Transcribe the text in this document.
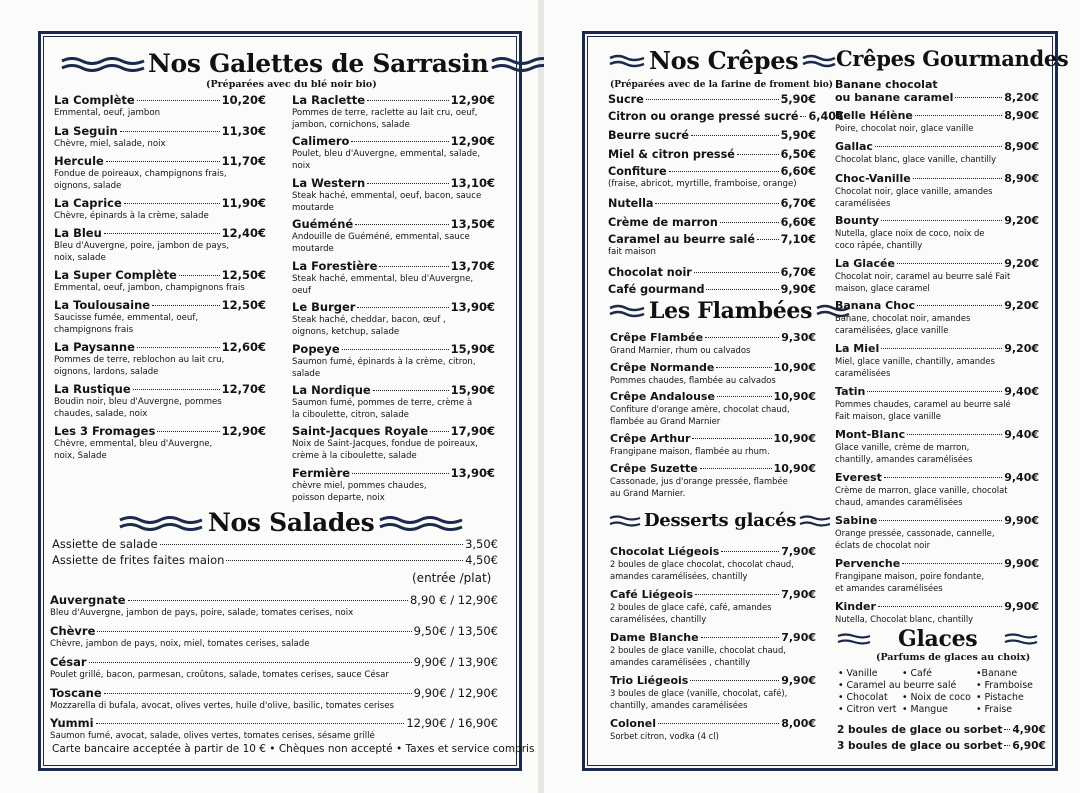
Nos Galettes de Sarrasin
(Préparées avec du blé noir bio)
La Complète	10,20€
Emmental, oeuf, jambon
La Seguin	11,30€
Chèvre, miel, salade, noix
Hercule	11,70€
Fondue de poireaux, champignons frais,
oignons, salade
La Caprice	11,90€
Chèvre, épinards à la crème, salade
La Bleu	12,40€
Bleu d'Auvergne, poire, jambon de pays,
noix, salade
La Super Complète	12,50€
Emmental, oeuf, jambon, champignons frais
La Toulousaine	12,50€
Saucisse fumée, emmental, oeuf,
champignons frais
La Paysanne	12,60€
Pommes de terre, reblochon au lait cru,
oignons, lardons, salade
La Rustique	12,70€
Boudin noir, bleu d'Auvergne, pommes
chaudes, salade, noix
Les 3 Fromages	12,90€
Chèvre, emmental, bleu d'Auvergne,
noix, Salade
La Raclette	12,90€
Pommes de terre, raclette au lait cru, oeuf,
jambon, cornichons, salade
Calimero	12,90€
Poulet, bleu d'Auvergne, emmental, salade,
noix
La Western	13,10€
Steak haché, emmental, oeuf, bacon, sauce
moutarde
Guéméné	13,50€
Andouille de Guéméné, emmental, sauce
moutarde
La Forestière	13,70€
Steak haché, emmental, bleu d'Auvergne,
oeuf
Le Burger	13,90€
Steak haché, cheddar, bacon, œuf ,
oignons, ketchup, salade
Popeye	15,90€
Saumon fumé, épinards à la crème, citron,
salade
La Nordique	15,90€
Saumon fumé, pommes de terre, crème à
la ciboulette, citron, salade
Saint-Jacques Royale 17,90€
Noix de Saint-Jacques, fondue de poireaux,
crème à la ciboulette, salade
Fermière	13,90€
chèvre miel, pommes chaudes,
poisson departe, noix
Nos Salades
Assiette de salade	3,50€
Assiette de frites faites maion	4,50€
Auvergnate	8,90 € / 12,90€
Bleu d'Auvergne, jambon de pays, poire, salade, tomates cerises, noix
Chèvre	9,50€ / 13,50€
Chèvre, jambon de pays, noix, miel, tomates cerises, salade
César	9,90€ / 13,90€
Poulet grillé, bacon, parmesan, croûtons, salade, tomates cerises, sauce César
Toscane	9,90€ / 12,90€
Mozzarella di bufala, avocat, olives vertes, huile d'olive, basilic, tomates cerises
Yummi	12,90€ / 16,90€
Saumon fumé, avocat, salade, olives vertes, tomates cerises, sésame grillé
(entrée /plat)
Carte bancaire acceptée à partir de 10 € • Chèques non accepté • Taxes et service compris
Nos Crêpes
(Préparées avec de la farine de froment bio)
Sucre	5,90€
Citron ou orange pressé sucré 6,40€
Beurre sucré	5,90€
Miel & citron pressé	6,50€
Confiture	6,60€
(fraise, abricot, myrtille, framboise, orange)
Nutella	6,70€
Crème de marron	6,60€
Caramel au beurre salé 7,10€
fait maison
Chocolat noir	6,70€
Café gourmand	9,90€
Les Flambées
Crêpe Flambée	9,30€
Grand Marnier, rhum ou calvados
Crêpe Normande	10,90€
Pommes chaudes, flambée au calvados
Crêpe Andalouse	10,90€
Confiture d'orange amère, chocolat chaud,
flambée au Grand Marnier
Crêpe Arthur	10,90€
Frangipane maison, flambée au rhum.
Crêpe Suzette	10,90€
Cassonade, jus d'orange pressée, flambée
au Grand Marnier.
Desserts glacés
Chocolat Liégeois	7,90€
2 boules de glace chocolat, chocolat chaud,
amandes caramélisées, chantilly
Café Liégeois	7,90€
2 boules de glace café, café, amandes
caramélisées, chantilly
Dame Blanche	7,90€
2 boules de glace vanille, chocolat chaud,
amandes caramélisées , chantilly
Trio Liégeois	9,90€
3 boules de glace (vanille, chocolat, café),
chantilly, amandes caramélisées
Colonel	8,00€
Sorbet citron, vodka (4 cl)
Crêpes Gourmandes
Banane chocolat
ou banane caramel	8,20€
Belle Hélène	8,90€
Poire, chocolat noir, glace vanille
Gallac	8,90€
Chocolat blanc, glace vanille, chantilly
Choc-Vanille	8,90€
Chocolat noir, glace vanille, amandes
caramélisées
Bounty	9,20€
Nutella, glace noix de coco, noix de
coco râpée, chantilly
La Glacée	9,20€
Chocolat noir, caramel au beurre salé Fait
maison, glace caramel
Banana Choc	9,20€
Banane, chocolat noir, amandes
caramélisées, glace vanille
La Miel	9,20€
Miel, glace vanille, chantilly, amandes
caramélisées
Tatin	9,40€
Pommes chaudes, caramel au beurre salé
Fait maison, glace vanille
Mont-Blanc	9,40€
Glace vanille, crème de marron,
chantilly, amandes caramélisées
Everest	9,40€
Crème de marron, glace vanille, chocolat
chaud, amandes caramélisées
Sabine	9,90€
Orange pressée, cassonade, cannelle,
éclats de chocolat noir
Pervenche	9,90€
Frangipane maison, poire fondante,
et amandes caramélisées
Kinder	9,90€
Nutella, Chocolat blanc, chantilly
Glaces
(Parfums de glaces au choix)
• Vanille	• Café	•Banane
• Caramel au beurre salé • Framboise
• Chocolat • Noix de coco • Pistache
• Citron vert • Mangue	• Fraise
2 boules de glace ou sorbet 4,90€
3 boules de glace ou sorbet 6,90€
